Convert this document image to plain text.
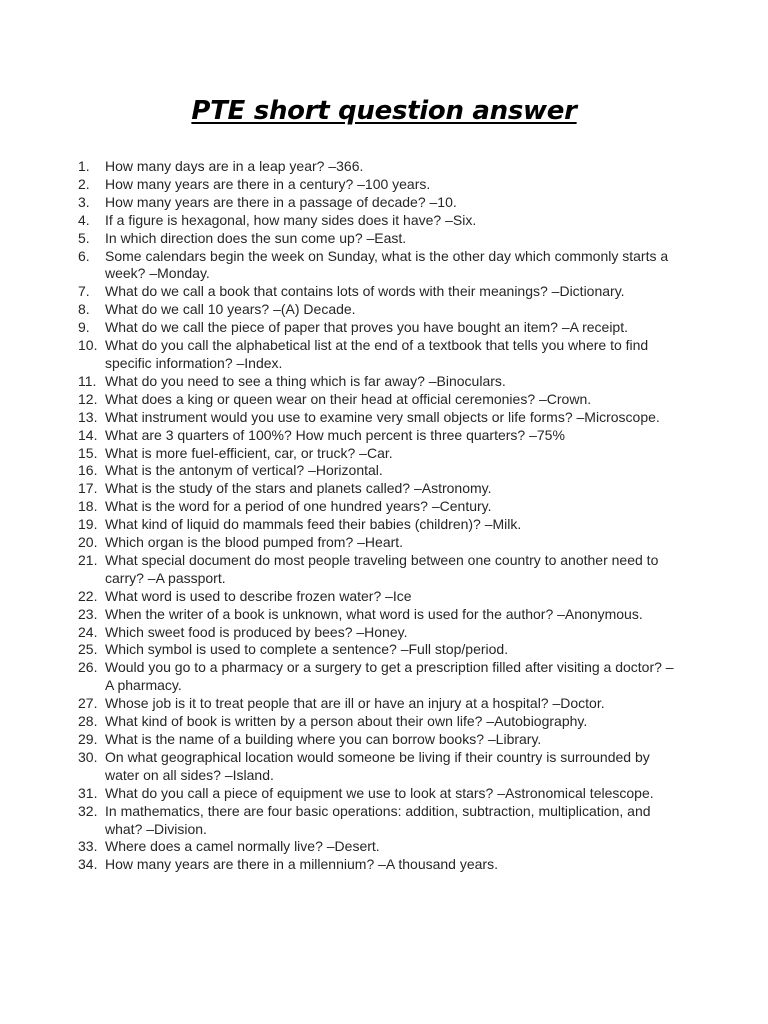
PTE short question answer
1.	How many days are in a leap year? –366.
2.	How many years are there in a century? –100 years.
3.	How many years are there in a passage of decade? –10.
4.	If a figure is hexagonal, how many sides does it have? –Six.
5.	In which direction does the sun come up? –East.
6.	Some calendars begin the week on Sunday, what is the other day which commonly starts a week? –Monday.
7.	What do we call a book that contains lots of words with their meanings? –Dictionary.
8.	What do we call 10 years? –(A) Decade.
9.	What do we call the piece of paper that proves you have bought an item? –A receipt.
10. What do you call the alphabetical list at the end of a textbook that tells you where to find specific information? –Index.
11. What do you need to see a thing which is far away? –Binoculars.
12. What does a king or queen wear on their head at official ceremonies? –Crown.
13. What instrument would you use to examine very small objects or life forms? –Microscope.
14. What are 3 quarters of 100%? How much percent is three quarters? –75%
15. What is more fuel-efficient, car, or truck? –Car.
16. What is the antonym of vertical? –Horizontal.
17. What is the study of the stars and planets called? –Astronomy.
18. What is the word for a period of one hundred years? –Century.
19. What kind of liquid do mammals feed their babies (children)? –Milk.
20. Which organ is the blood pumped from? –Heart.
21. What special document do most people traveling between one country to another need to carry? –A passport.
22. What word is used to describe frozen water? –Ice
23. When the writer of a book is unknown, what word is used for the author? –Anonymous.
24. Which sweet food is produced by bees? –Honey.
25. Which symbol is used to complete a sentence? –Full stop/period.
26. Would you go to a pharmacy or a surgery to get a prescription filled after visiting a doctor? –A pharmacy.
27. Whose job is it to treat people that are ill or have an injury at a hospital? –Doctor.
28. What kind of book is written by a person about their own life? –Autobiography.
29. What is the name of a building where you can borrow books? –Library.
30. On what geographical location would someone be living if their country is surrounded by water on all sides? –Island.
31. What do you call a piece of equipment we use to look at stars? –Astronomical telescope.
32. In mathematics, there are four basic operations: addition, subtraction, multiplication, and what? –Division.
33. Where does a camel normally live? –Desert.
34. How many years are there in a millennium? –A thousand years.
